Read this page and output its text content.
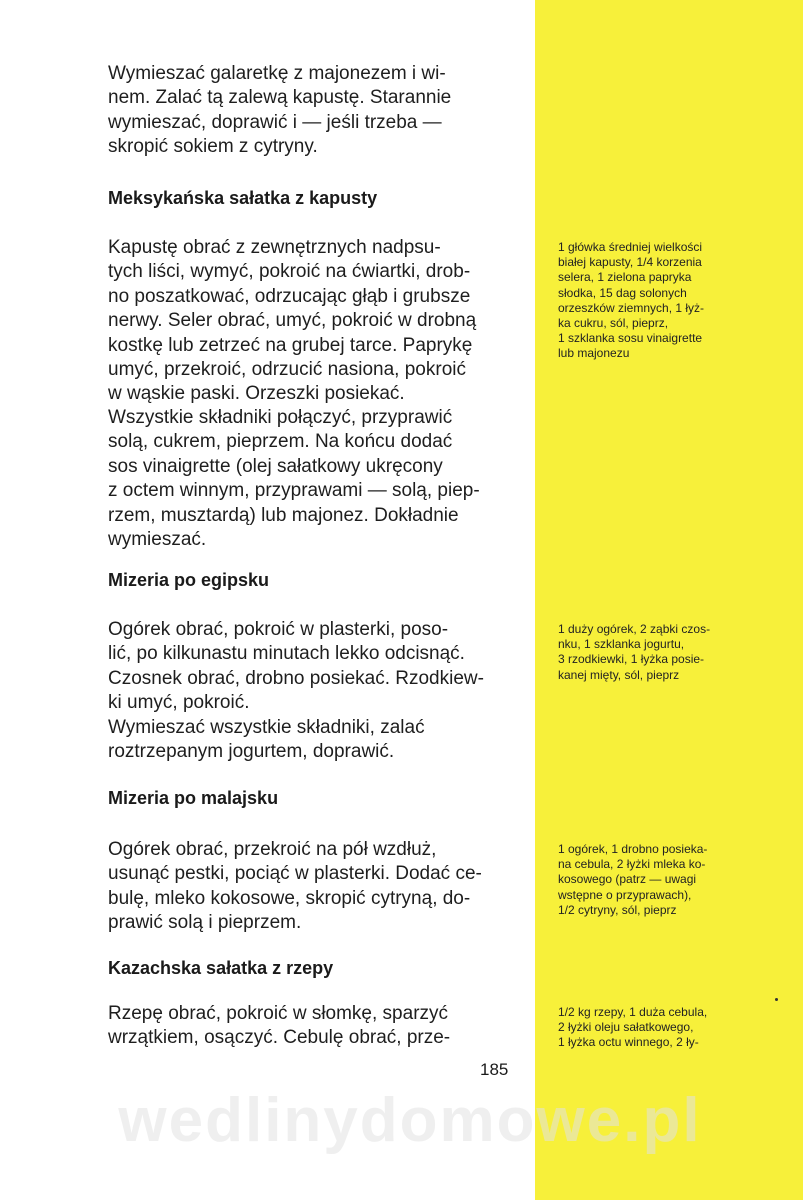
Wymieszać galaretkę z majonezem i wi-
nem. Zalać tą zalewą kapustę. Starannie
wymieszać, doprawić i — jeśli trzeba —
skropić sokiem z cytryny.

Meksykańska sałatka z kapusty

Kapustę obrać z zewnętrznych nadpsu-
tych liści, wymyć, pokroić na ćwiartki, drob-
no poszatkować, odrzucając głąb i grubsze
nerwy. Seler obrać, umyć, pokroić w drobną
kostkę lub zetrzeć na grubej tarce. Paprykę
umyć, przekroić, odrzucić nasiona, pokroić
w wąskie paski. Orzeszki posiekać.

Wszystkie składniki połączyć, przyprawić
solą, cukrem, pieprzem. Na końcu dodać
sos vinaigrette (olej sałatkowy ukręcony
z octem winnym, przyprawami — solą, piep-
rzem, musztardą) lub majonez. Dokładnie
wymieszać.

1 główka średniej wielkości
białej kapusty, 1/4 korzenia
selera, 1 zielona papryka
słodka, 15 dag solonych
orzeszków ziemnych, 1 łyż-
ka cukru, sól, pieprz,
1 szklanka sosu vinaigrette
lub majonezu

Mizeria po egipsku

Ogórek obrać, pokroić w plasterki, poso-
lić, po kilkunastu minutach lekko odcisnąć.
Czosnek obrać, drobno posiekać. Rzodkiew-
ki umyć, pokroić.

Wymieszać wszystkie składniki, zalać
roztrzepanym jogurtem, doprawić.

1 duży ogórek, 2 ząbki czos-
nku, 1 szklanka jogurtu,
3 rzodkiewki, 1 łyżka posie-
kanej mięty, sól, pieprz

Mizeria po malajsku

Ogórek obrać, przekroić na pół wzdłuż,
usunąć pestki, pociąć w plasterki. Dodać ce-
bulę, mleko kokosowe, skropić cytryną, do-
prawić solą i pieprzem.

1 ogórek, 1 drobno posieka-
na cebula, 2 łyżki mleka ko-
kosowego (patrz — uwagi
wstępne o przyprawach),
1/2 cytryny, sól, pieprz

Kazachska sałatka z rzepy

Rzepę obrać, pokroić w słomkę, sparzyć
wrzątkiem, osączyć. Cebulę obrać, prze-

1/2 kg rzepy, 1 duża cebula,
2 łyżki oleju sałatkowego,
1 łyżka octu winnego, 2 ły-

185
wedlinydomowe.pl
